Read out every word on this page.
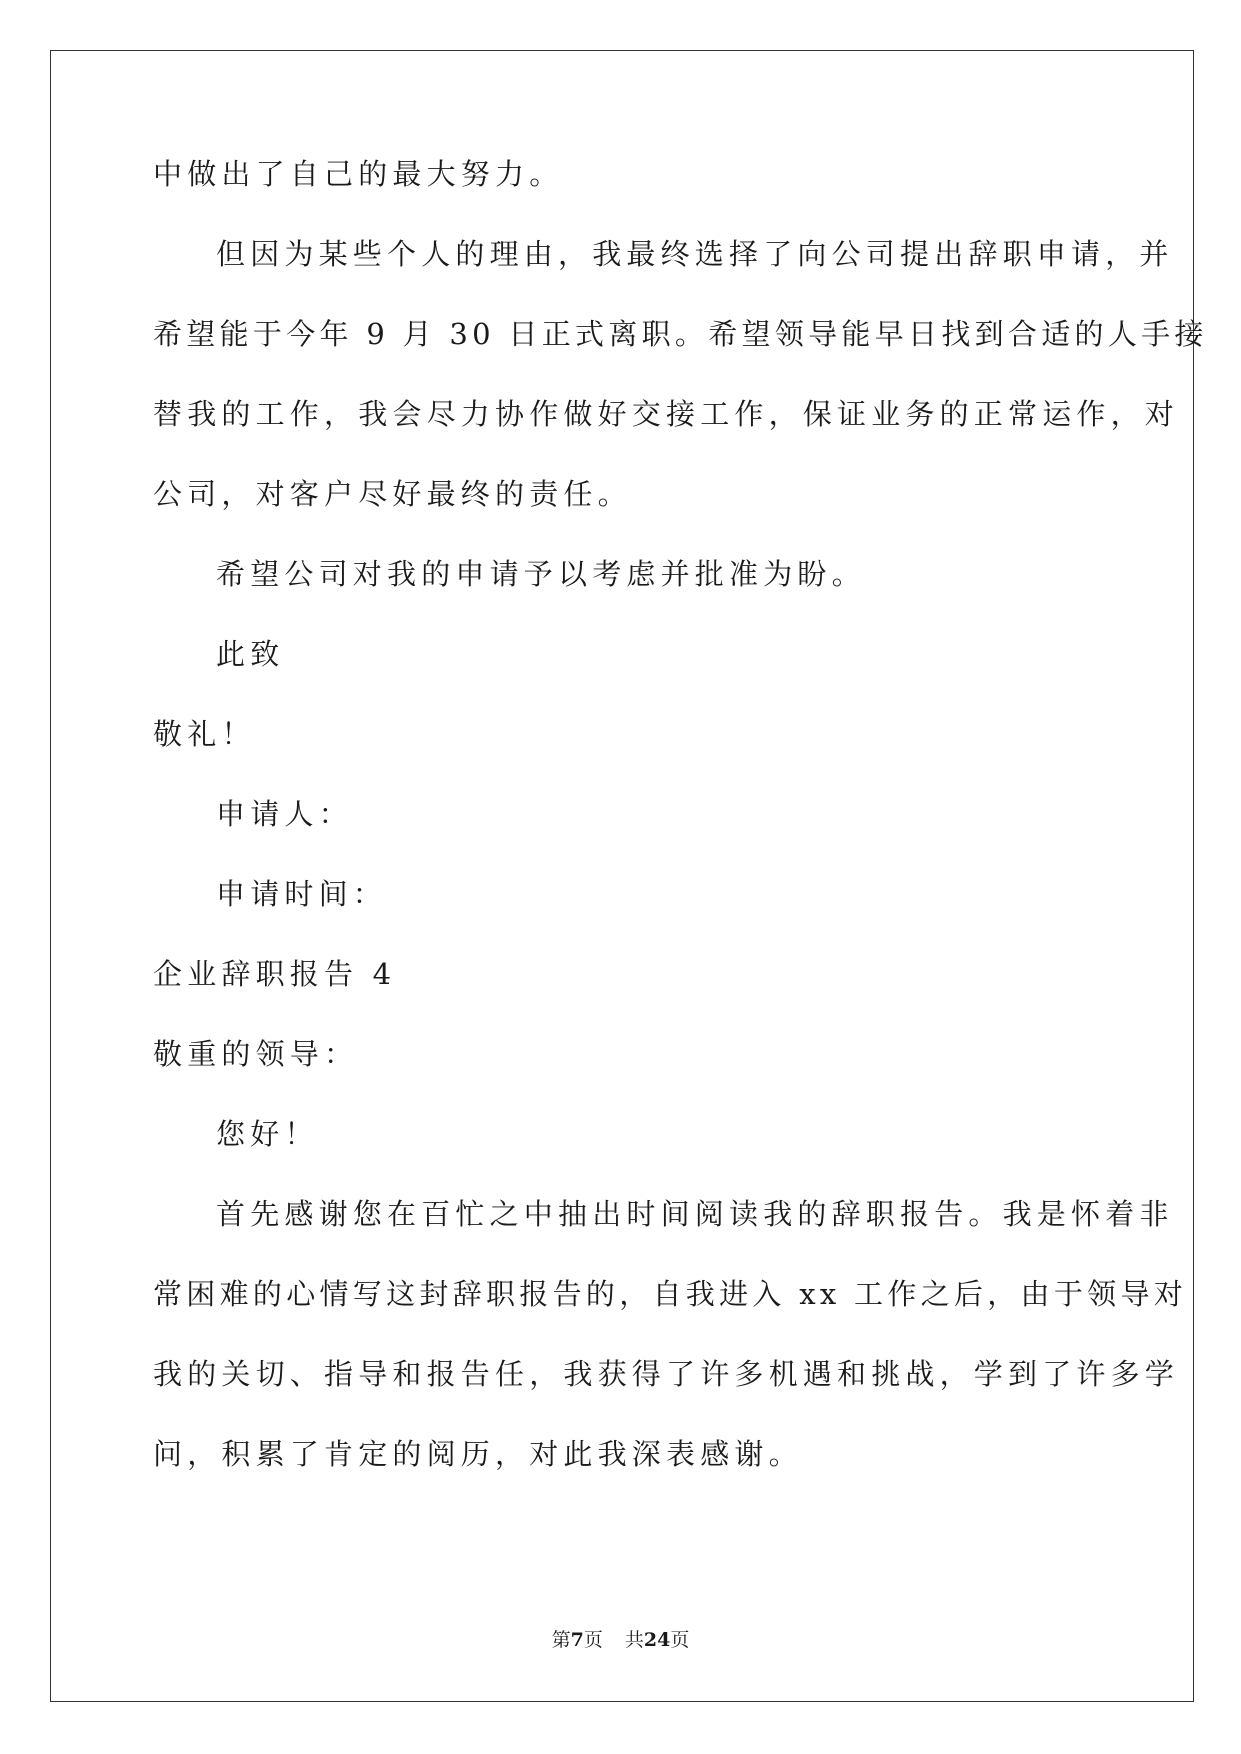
中做出了自己的最大努力。

但因为某些个人的理由，我最终选择了向公司提出辞职申请，并

希望能于今年 9 月 30 日正式离职。希望领导能早日找到合适的人手接

替我的工作，我会尽力协作做好交接工作，保证业务的正常运作，对

公司，对客户尽好最终的责任。

希望公司对我的申请予以考虑并批准为盼。

此致

敬礼！

申请人：

申请时间：

企业辞职报告 4

敬重的领导：

您好！

首先感谢您在百忙之中抽出时间阅读我的辞职报告。我是怀着非

常困难的心情写这封辞职报告的，自我进入 xx 工作之后，由于领导对

我的关切、指导和报告任，我获得了许多机遇和挑战，学到了许多学

问，积累了肯定的阅历，对此我深表感谢。

第7页 共24页
